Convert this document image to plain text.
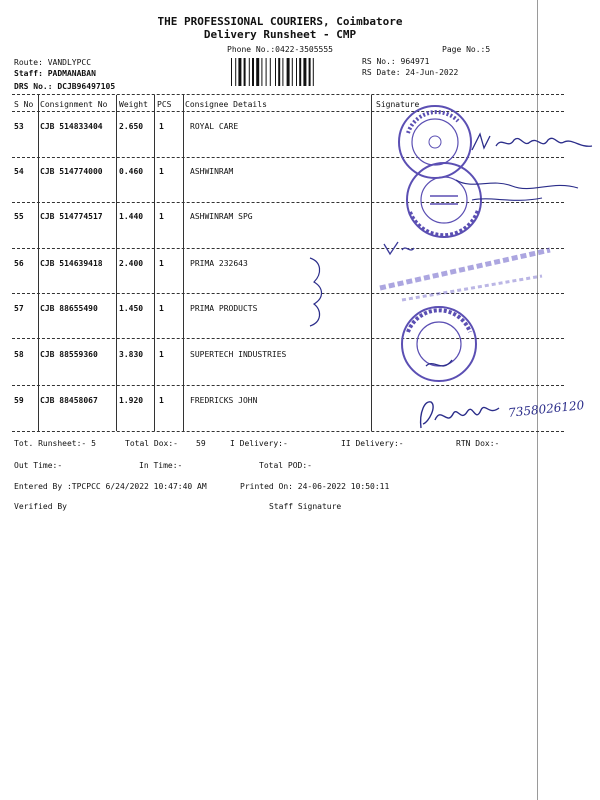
THE PROFESSIONAL COURIERS, Coimbatore
Delivery Runsheet - CMP
Phone No.:0422-3505555	Page No.:5
Route: VANDLYPCC
Staff: PADMANABAN
DRS No.: DCJB96497105
RS No.: 964971
RS Date: 24-Jun-2022
S No Consignment No Weight PCS Consignee Details	Signature
53 CJB 514833404 2.650 1	ROYAL CARE
54 CJB 514774000 0.460 1	ASHWINRAM
55 CJB 514774517 1.440 1	ASHWINRAM SPG
56 CJB 514639418 2.400 1	PRIMA 232643
57 CJB 88655490	1.450 1	PRIMA PRODUCTS
58 CJB 88559360	3.830 1	SUPERTECH INDUSTRIES
59 CJB 88458067	1.920 1	FREDRICKS JOHN
Tot. Runsheet:- 5	Total Dox:- 59	I Delivery:-	II Delivery:-	RTN Dox:-
Out Time:-	In Time:-	Total POD:-
Entered By :TPCPCC 6/24/2022 10:47:40 AM	Printed On: 24-06-2022 10:50:11
Verified By	Staff Signature
7358026120
